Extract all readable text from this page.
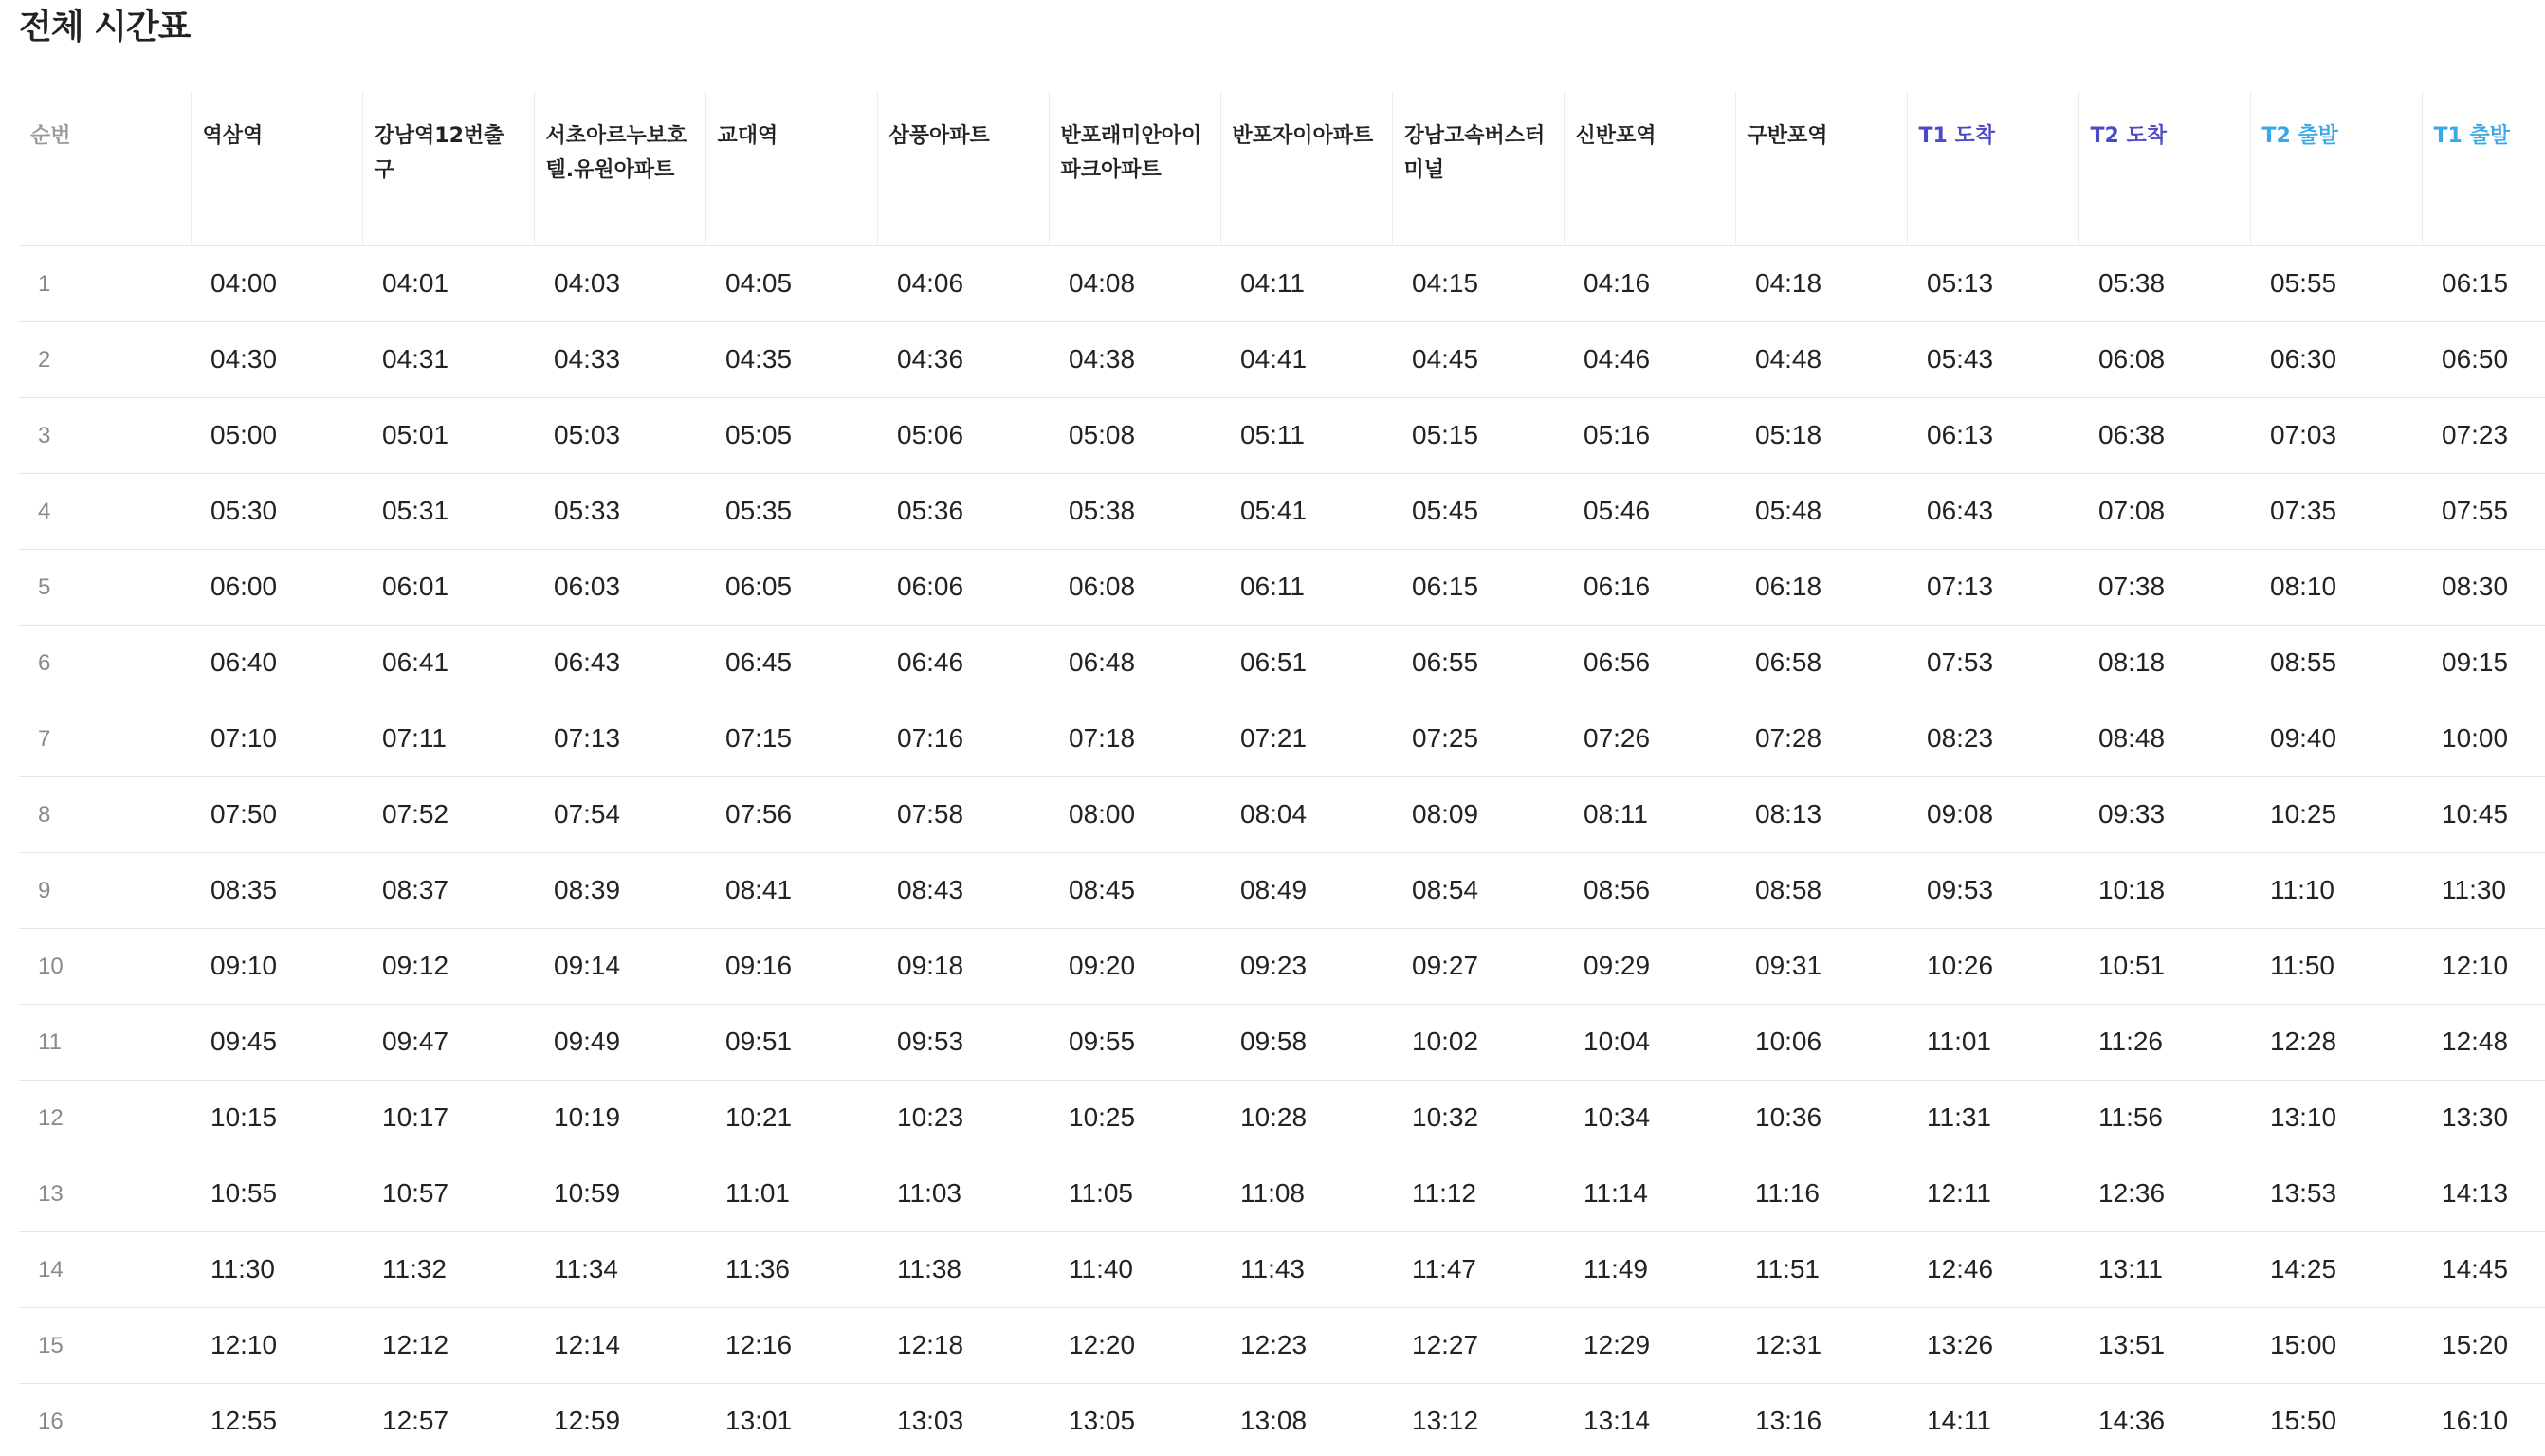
전체 시간표
순번	역삼역	강남역12번출구	서초아르누보호텔.유원아파트	교대역	삼풍아파트	반포래미안아이파크아파트	반포자이아파트	강남고속버스터미널	신반포역	구반포역	T1 도착	T2 도착	T2 출발	T1 출발
1	04:00	04:01	04:03	04:05	04:06	04:08	04:11	04:15	04:16	04:18	05:13	05:38	05:55	06:15
2	04:30	04:31	04:33	04:35	04:36	04:38	04:41	04:45	04:46	04:48	05:43	06:08	06:30	06:50
3	05:00	05:01	05:03	05:05	05:06	05:08	05:11	05:15	05:16	05:18	06:13	06:38	07:03	07:23
4	05:30	05:31	05:33	05:35	05:36	05:38	05:41	05:45	05:46	05:48	06:43	07:08	07:35	07:55
5	06:00	06:01	06:03	06:05	06:06	06:08	06:11	06:15	06:16	06:18	07:13	07:38	08:10	08:30
6	06:40	06:41	06:43	06:45	06:46	06:48	06:51	06:55	06:56	06:58	07:53	08:18	08:55	09:15
7	07:10	07:11	07:13	07:15	07:16	07:18	07:21	07:25	07:26	07:28	08:23	08:48	09:40	10:00
8	07:50	07:52	07:54	07:56	07:58	08:00	08:04	08:09	08:11	08:13	09:08	09:33	10:25	10:45
9	08:35	08:37	08:39	08:41	08:43	08:45	08:49	08:54	08:56	08:58	09:53	10:18	11:10	11:30
10	09:10	09:12	09:14	09:16	09:18	09:20	09:23	09:27	09:29	09:31	10:26	10:51	11:50	12:10
11	09:45	09:47	09:49	09:51	09:53	09:55	09:58	10:02	10:04	10:06	11:01	11:26	12:28	12:48
12	10:15	10:17	10:19	10:21	10:23	10:25	10:28	10:32	10:34	10:36	11:31	11:56	13:10	13:30
13	10:55	10:57	10:59	11:01	11:03	11:05	11:08	11:12	11:14	11:16	12:11	12:36	13:53	14:13
14	11:30	11:32	11:34	11:36	11:38	11:40	11:43	11:47	11:49	11:51	12:46	13:11	14:25	14:45
15	12:10	12:12	12:14	12:16	12:18	12:20	12:23	12:27	12:29	12:31	13:26	13:51	15:00	15:20
16	12:55	12:57	12:59	13:01	13:03	13:05	13:08	13:12	13:14	13:16	14:11	14:36	15:50	16:10
